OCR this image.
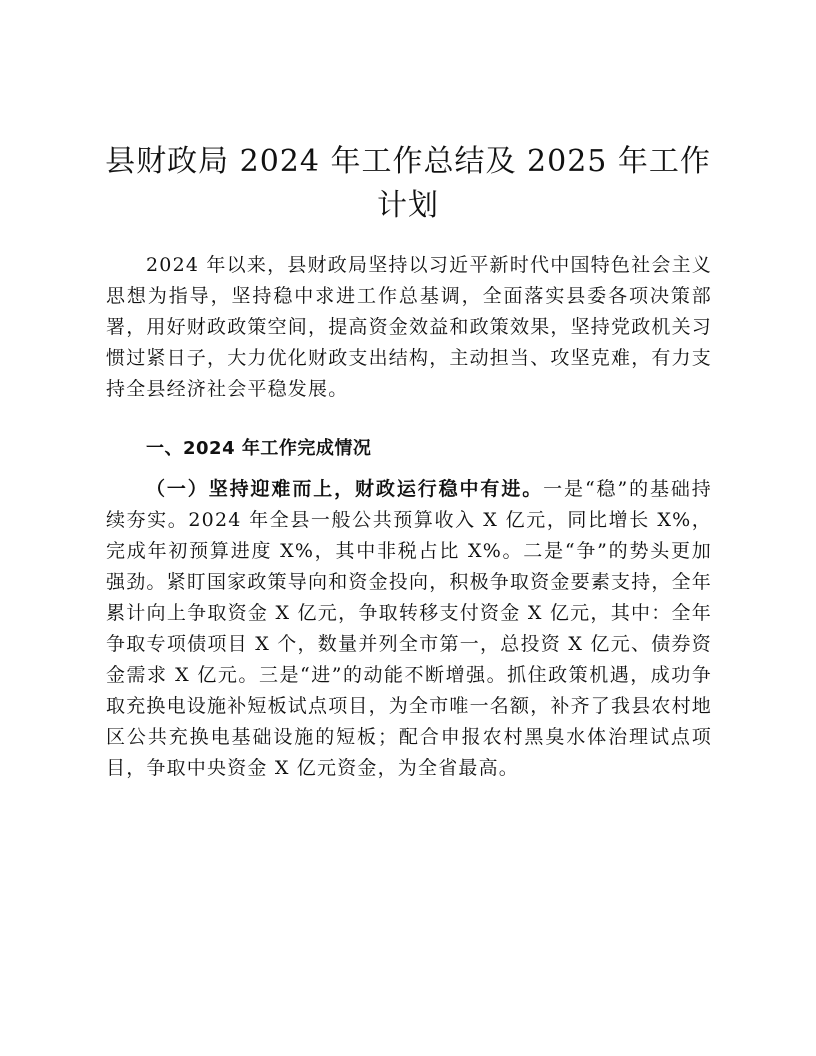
县财政局 2024 年工作总结及 2025 年工作计划

2024 年以来，县财政局坚持以习近平新时代中国特色社会主义思想为指导，坚持稳中求进工作总基调，全面落实县委各项决策部署，用好财政政策空间，提高资金效益和政策效果，坚持党政机关习惯过紧日子，大力优化财政支出结构，主动担当、攻坚克难，有力支持全县经济社会平稳发展。

一、2024 年工作完成情况

（一）坚持迎难而上，财政运行稳中有进。一是“稳”的基础持续夯实。2024 年全县一般公共预算收入 X 亿元，同比增长 X%，完成年初预算进度 X%，其中非税占比 X%。二是“争”的势头更加强劲。紧盯国家政策导向和资金投向，积极争取资金要素支持，全年累计向上争取资金 X 亿元，争取转移支付资金 X 亿元，其中：全年争取专项债项目 X 个，数量并列全市第一，总投资 X 亿元、债券资金需求 X 亿元。三是“进”的动能不断增强。抓住政策机遇，成功争取充换电设施补短板试点项目，为全市唯一名额，补齐了我县农村地区公共充换电基础设施的短板；配合申报农村黑臭水体治理试点项目，争取中央资金 X 亿元资金，为全省最高。
